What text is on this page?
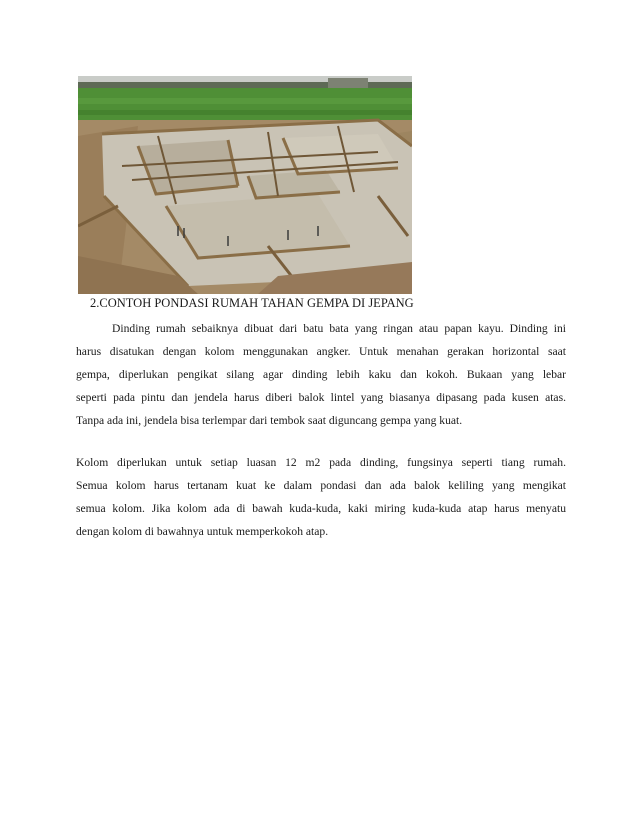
2.CONTOH PONDASI RUMAH TAHAN GEMPA DI JEPANG

Dinding rumah sebaiknya dibuat dari batu bata yang ringan atau papan kayu. Dinding ini
harus disatukan dengan kolom menggunakan angker. Untuk menahan gerakan horizontal saat
gempa, diperlukan pengikat silang agar dinding lebih kaku dan kokoh. Bukaan yang lebar
seperti pada pintu dan jendela harus diberi balok lintel yang biasanya dipasang pada kusen atas.
Tanpa ada ini, jendela bisa terlempar dari tembok saat diguncang gempa yang kuat.

Kolom diperlukan untuk setiap luasan 12 m2 pada dinding, fungsinya seperti tiang rumah.
Semua kolom harus tertanam kuat ke dalam pondasi dan ada balok keliling yang mengikat
semua kolom. Jika kolom ada di bawah kuda-kuda, kaki miring kuda-kuda atap harus menyatu
dengan kolom di bawahnya untuk memperkokoh atap.
